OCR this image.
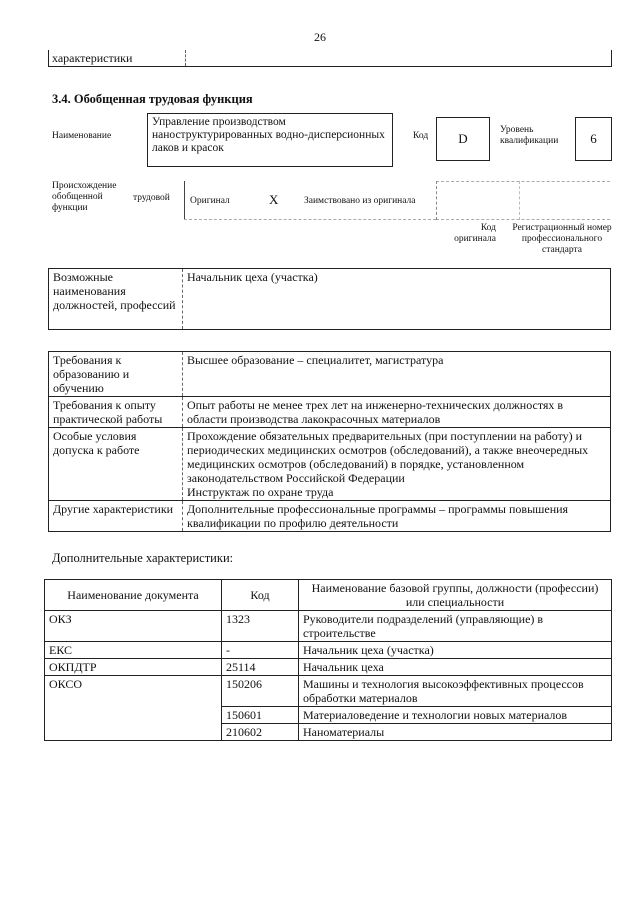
26
характеристики
3.4. Обобщенная трудовая функция
Наименование
Управление производством наноструктурированных водно-дисперсионных лаков и красок
Код D
Уровень квалификации	6
Происхождение
обобщенной
функции
трудовой Оригинал	X	Заимствовано из оригинала
Код оригинала
Регистрационный номер профессионального стандарта
Возможные наименования должностей, профессий	Начальник цеха (участка)
Требования к образованию и обучению	Высшее образование – специалитет, магистратура
Требования к опыту практической работы	Опыт работы не менее трех лет на инженерно-технических должностях в области производства лакокрасочных материалов
Особые условия допуска к работе	Прохождение обязательных предварительных (при поступлении на работу) и периодических медицинских осмотров (обследований), а также внеочередных медицинских осмотров (обследований) в порядке, установленном законодательством Российской Федерации
Инструктаж по охране труда

Другие характеристики	Дополнительные профессиональные программы – программы повышения квалификации по профилю деятельности
Дополнительные характеристики:
Наименование документа	Код	Наименование базовой группы, должности (профессии) или специальности
ОКЗ	1323	Руководители подразделений (управляющие) в строительстве
ЕКС	-	Начальник цеха (участка)
ОКПДТР	25114	Начальник цеха
ОКСО	150206	Машины и технология высокоэффективных процессов обработки материалов
	150601	Материаловедение и технологии новых материалов
	210602	Наноматериалы
